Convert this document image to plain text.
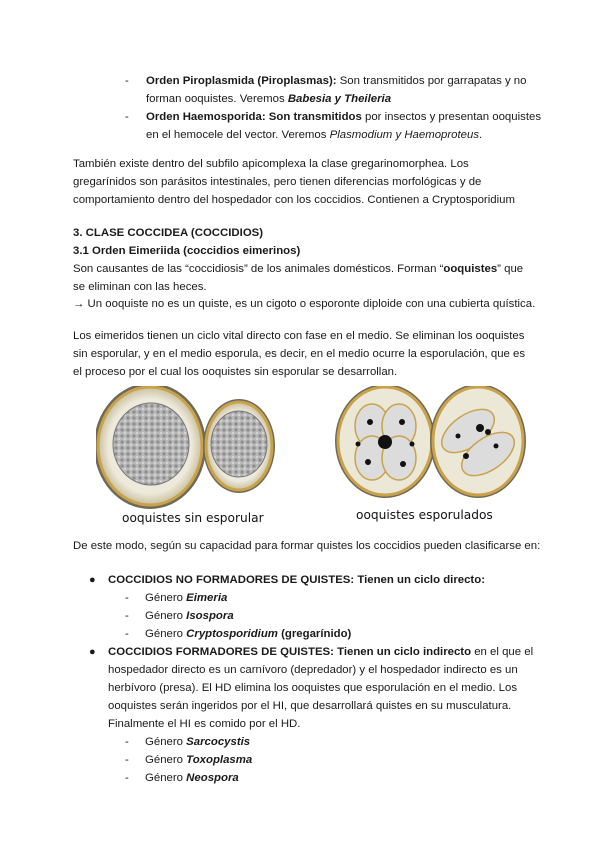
- Orden Piroplasmida (Piroplasmas): Son transmitidos por garrapatas y no forman ooquistes. Veremos Babesia y Theileria
- Orden Haemosporida: Son transmitidos por insectos y presentan ooquistes en el hemocele del vector. Veremos Plasmodium y Haemoproteus.

También existe dentro del subfilo apicomplexa la clase gregarinomorphea. Los gregarínidos son parásitos intestinales, pero tienen diferencias morfológicas y de comportamiento dentro del hospedador con los coccidios. Contienen a Cryptosporidium

3. CLASE COCCIDEA (COCCIDIOS)

3.1 Orden Eimeriida (coccidios eimerinos)

Son causantes de las “coccidiosis” de los animales domésticos. Forman “ooquistes” que se eliminan con las heces.

→ Un ooquiste no es un quiste, es un cigoto o esporonte diploide con una cubierta quística.

Los eimeridos tienen un ciclo vital directo con fase en el medio. Se eliminan los ooquistes sin esporular, y en el medio esporula, es decir, en el medio ocurre la esporulación, que es el proceso por el cual los ooquistes sin esporular se desarrollan.

ooquistes sin esporular	ooquistes esporulados

De este modo, según su capacidad para formar quistes los coccidios pueden clasificarse en:

● COCCIDIOS NO FORMADORES DE QUISTES: Tienen un ciclo directo:
- Género Eimeria
- Género Isospora
- Género Cryptosporidium (gregarínido)
● COCCIDIOS FORMADORES DE QUISTES: Tienen un ciclo indirecto en el que el hospedador directo es un carnívoro (depredador) y el hospedador indirecto es un herbívoro (presa). El HD elimina los ooquistes que esporulación en el medio. Los ooquistes serán ingeridos por el HI, que desarrollará quistes en su musculatura. Finalmente el HI es comido por el HD.
- Género Sarcocystis
- Género Toxoplasma
- Género Neospora
